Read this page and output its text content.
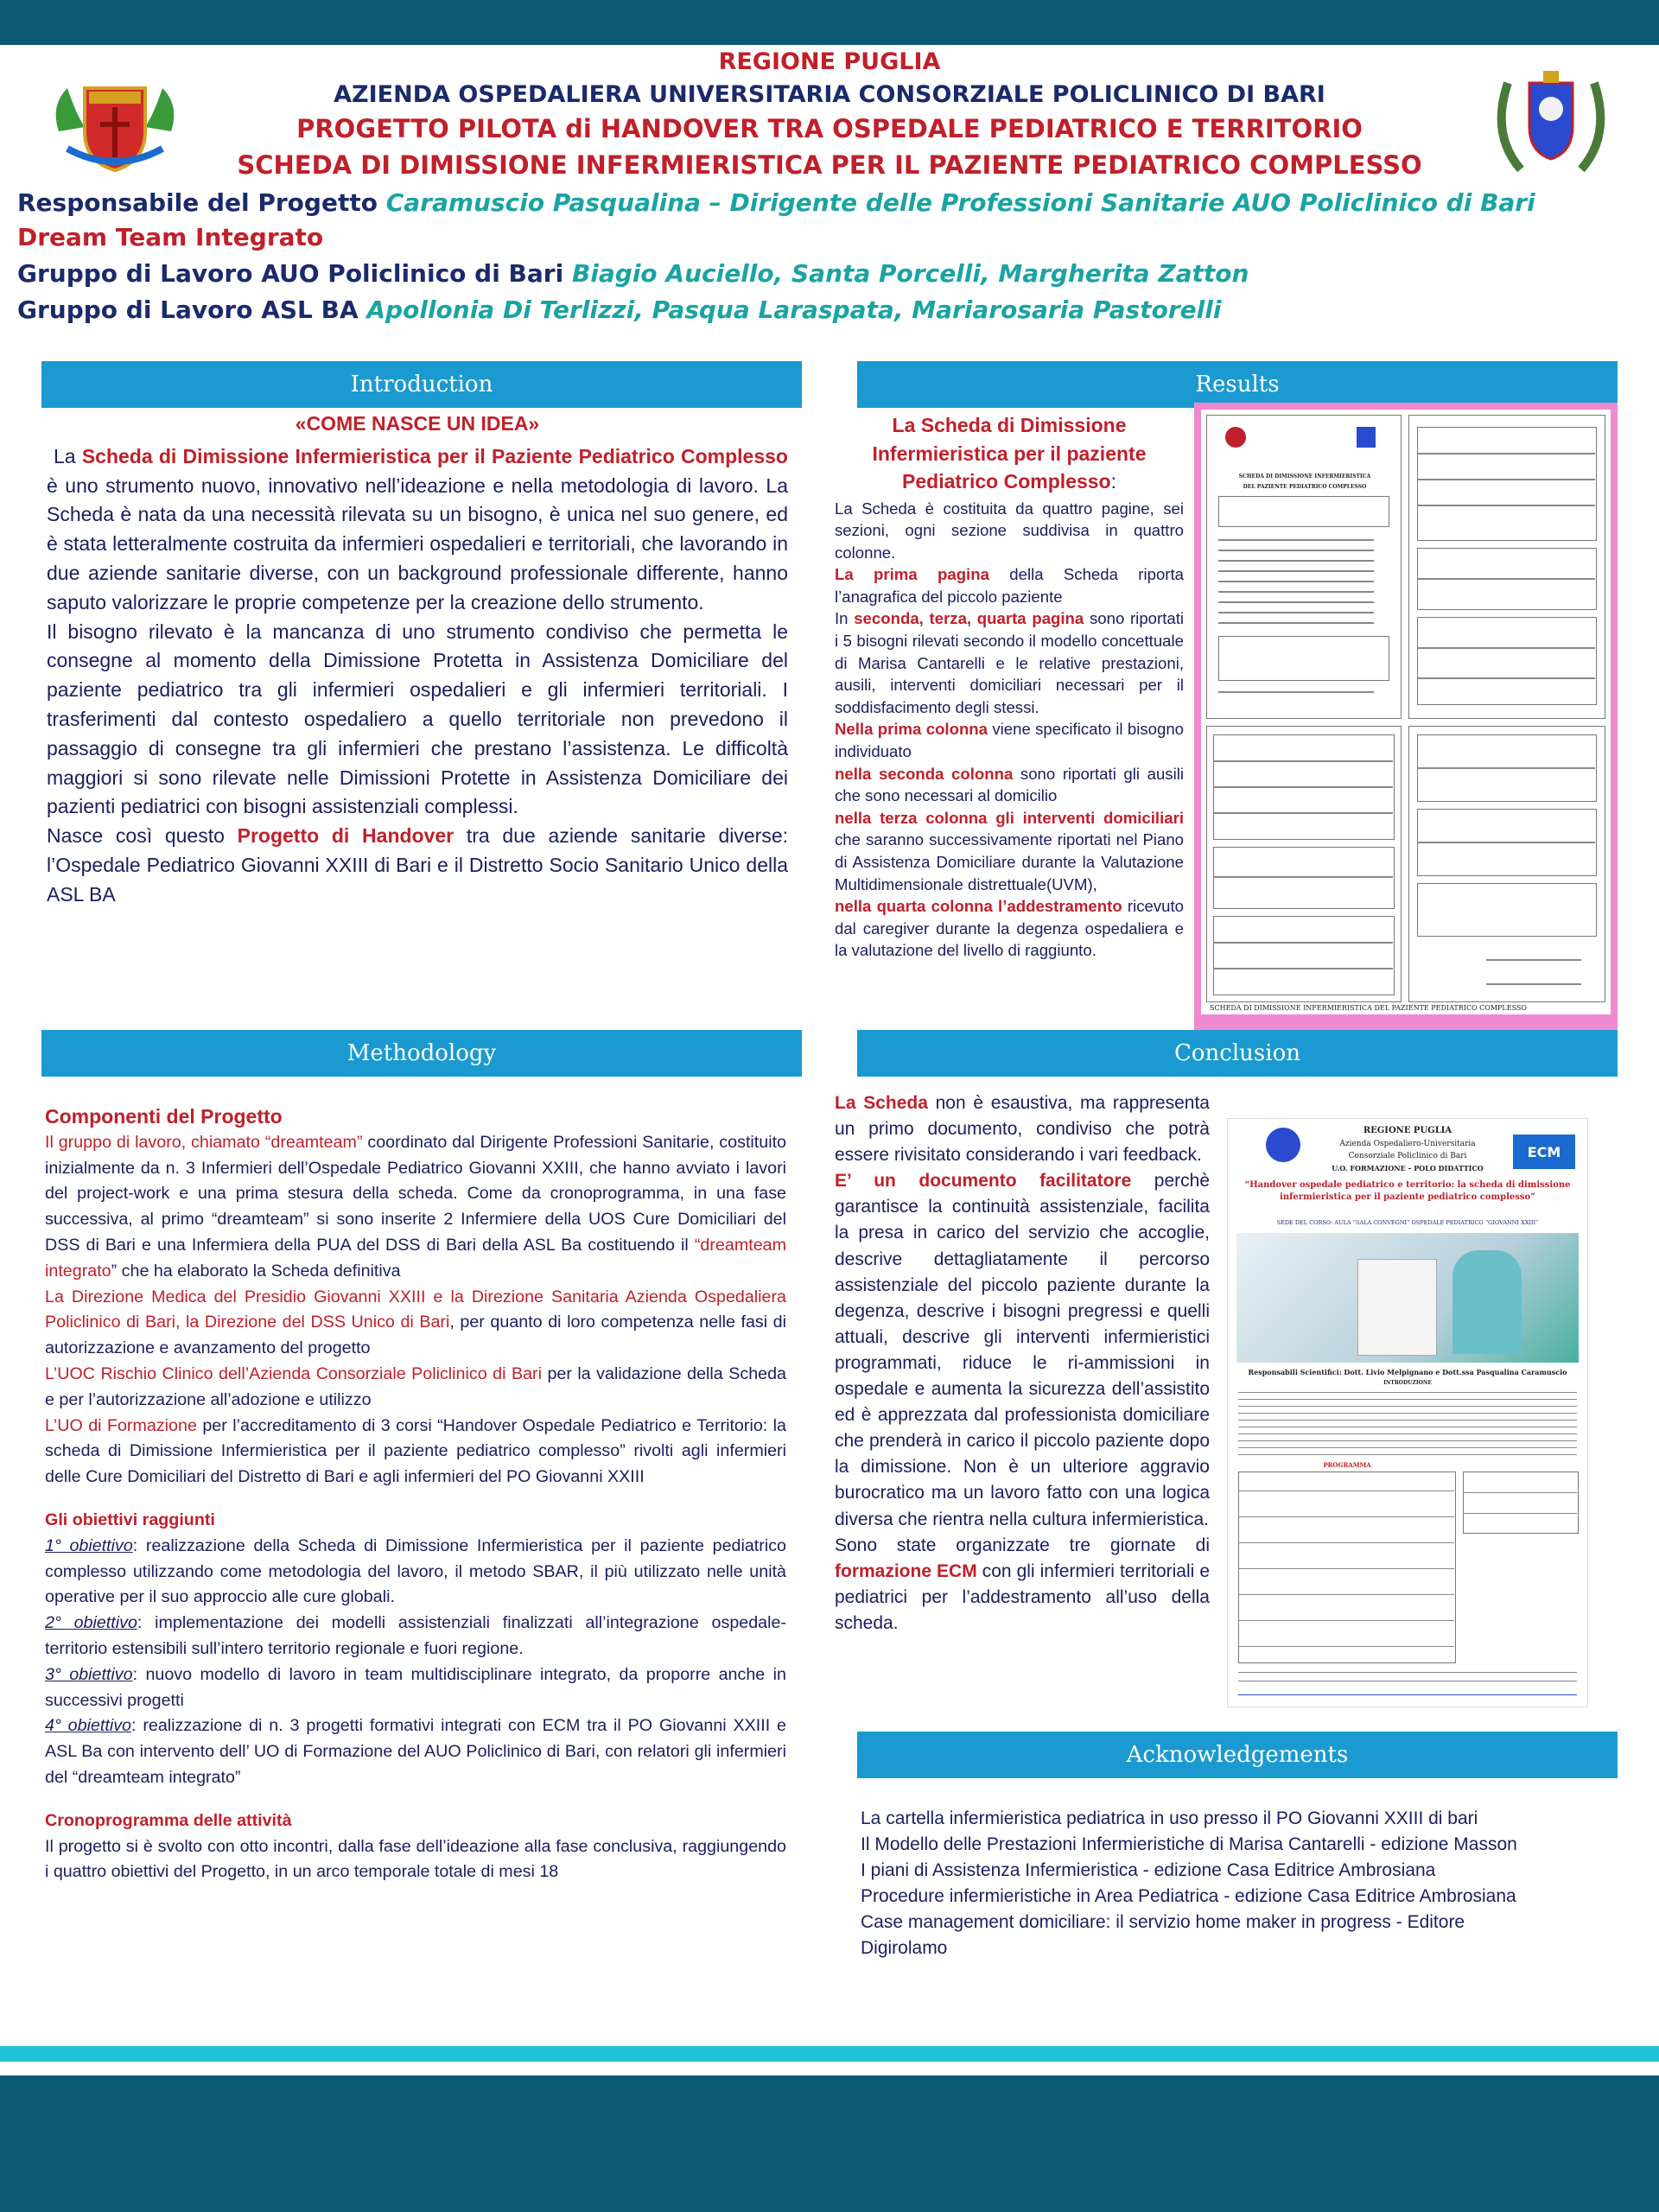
REGIONE PUGLIA
AZIENDA OSPEDALIERA UNIVERSITARIA CONSORZIALE POLICLINICO DI BARI
PROGETTO PILOTA di HANDOVER TRA OSPEDALE PEDIATRICO E TERRITORIO
SCHEDA DI DIMISSIONE INFERMIERISTICA PER IL PAZIENTE PEDIATRICO COMPLESSO
Responsabile del Progetto Caramuscio Pasqualina – Dirigente delle Professioni Sanitarie AUO Policlinico di Bari
Dream Team Integrato
Gruppo di Lavoro AUO Policlinico di Bari Biagio Auciello, Santa Porcelli, Margherita Zatton
Gruppo di Lavoro ASL BA Apollonia Di Terlizzi, Pasqua Laraspata, Mariarosaria Pastorelli
Introduction	Results
Methodology	Conclusion
Acknowledgements

«COME NASCE UN IDEA»

La Scheda di Dimissione Infermieristica per il Paziente Pediatrico Complesso è uno strumento nuovo, innovativo nell’ideazione e nella metodologia di lavoro. La Scheda è nata da una necessità rilevata su un bisogno, è unica nel suo genere, ed è stata letteralmente costruita da infermieri ospedalieri e territoriali, che lavorando in due aziende sanitarie diverse, con un background professionale differente, hanno saputo valorizzare le proprie competenze per la creazione dello strumento.

Il bisogno rilevato è la mancanza di uno strumento condiviso che permetta le consegne al momento della Dimissione Protetta in Assistenza Domiciliare del paziente pediatrico tra gli infermieri ospedalieri e gli infermieri territoriali. I trasferimenti dal contesto ospedaliero a quello territoriale non prevedono il passaggio di consegne tra gli infermieri che prestano l’assistenza. Le difficoltà maggiori si sono rilevate nelle Dimissioni Protette in Assistenza Domiciliare dei pazienti pediatrici con bisogni assistenziali complessi.

Nasce così questo Progetto di Handover tra due aziende sanitarie diverse: l’Ospedale Pediatrico Giovanni XXIII di Bari e il Distretto Socio Sanitario Unico della ASL BA

La Scheda di Dimissione Infermieristica per il paziente Pediatrico Complesso:

La Scheda è costituita da quattro pagine, sei sezioni, ogni sezione suddivisa in quattro colonne.

La prima pagina della Scheda riporta l’anagrafica del piccolo paziente

In seconda, terza, quarta pagina sono riportati i 5 bisogni rilevati secondo il modello concettuale di Marisa Cantarelli e le relative prestazioni, ausili, interventi domiciliari necessari per il soddisfacimento degli stessi.

Nella prima colonna viene specificato il bisogno individuato

nella seconda colonna sono riportati gli ausili che sono necessari al domicilio

nella terza colonna gli interventi domiciliari che saranno successivamente riportati nel Piano di Assistenza Domiciliare durante la Valutazione Multidimensionale distrettuale(UVM),

nella quarta colonna l’addestramento ricevuto dal caregiver durante la degenza ospedaliera e la valutazione del livello di raggiunto.

SCHEDA DI DIMISSIONE INFERMIERISTICA
DEL PAZIENTE PEDIATRICO COMPLESSO
SCHEDA DI DIMISSIONE INFERMIERISTICA DEL PAZIENTE PEDIATRICO COMPLESSO

Componenti del Progetto

Il gruppo di lavoro, chiamato “dreamteam” coordinato dal Dirigente Professioni Sanitarie, costituito inizialmente da n. 3 Infermieri dell’Ospedale Pediatrico Giovanni XXIII, che hanno avviato i lavori del project-work e una prima stesura della scheda. Come da cronoprogramma, in una fase successiva, al primo “dreamteam” si sono inserite 2 Infermiere della UOS Cure Domiciliari del DSS di Bari e una Infermiera della PUA del DSS di Bari della ASL Ba costituendo il “dreamteam integrato” che ha elaborato la Scheda definitiva

La Direzione Medica del Presidio Giovanni XXIII e la Direzione Sanitaria Azienda Ospedaliera Policlinico di Bari, la Direzione del DSS Unico di Bari, per quanto di loro competenza nelle fasi di autorizzazione e avanzamento del progetto

L’UOC Rischio Clinico dell’Azienda Consorziale Policlinico di Bari per la validazione della Scheda e per l’autorizzazione all’adozione e utilizzo

L’UO di Formazione per l’accreditamento di 3 corsi “Handover Ospedale Pediatrico e Territorio: la scheda di Dimissione Infermieristica per il paziente pediatrico complesso” rivolti agli infermieri delle Cure Domiciliari del Distretto di Bari e agli infermieri del PO Giovanni XXIII

Gli obiettivi raggiunti

1° obiettivo: realizzazione della Scheda di Dimissione Infermieristica per il paziente pediatrico complesso utilizzando come metodologia del lavoro, il metodo SBAR, il più utilizzato nelle unità operative per il suo approccio alle cure globali.

2° obiettivo: implementazione dei modelli assistenziali finalizzati all’integrazione ospedale- territorio estensibili sull’intero territorio regionale e fuori regione.

3° obiettivo: nuovo modello di lavoro in team multidisciplinare integrato, da proporre anche in successivi progetti

4° obiettivo: realizzazione di n. 3 progetti formativi integrati con ECM tra il PO Giovanni XXIII e ASL Ba con intervento dell’ UO di Formazione del AUO Policlinico di Bari, con relatori gli infermieri del “dreamteam integrato”

Cronoprogramma delle attività

Il progetto si è svolto con otto incontri, dalla fase dell’ideazione alla fase conclusiva, raggiungendo i quattro obiettivi del Progetto, in un arco temporale totale di mesi 18

La Scheda non è esaustiva, ma rappresenta un primo documento, condiviso che potrà essere rivisitato considerando i vari feedback.

E’ un documento facilitatore perchè garantisce la continuità assistenziale, facilita la presa in carico del servizio che accoglie, descrive dettagliatamente il percorso assistenziale del piccolo paziente durante la degenza, descrive i bisogni pregressi e quelli attuali, descrive gli interventi infermieristici programmati, riduce le ri-ammissioni in ospedale e aumenta la sicurezza dell’assistito ed è apprezzata dal professionista domiciliare che prenderà in carico il piccolo paziente dopo la dimissione. Non è un ulteriore aggravio burocratico ma un lavoro fatto con una logica diversa che rientra nella cultura infermieristica.

Sono state organizzate tre giornate di formazione ECM con gli infermieri territoriali e pediatrici per l’addestramento all’uso della scheda.

REGIONE PUGLIA
Azienda Ospedaliero-Universitaria
Consorziale Policlinico di Bari
U.O. FORMAZIONE – POLO DIDATTICO
ECM
“Handover ospedale pediatrico e territorio: la scheda di dimissione infermieristica per il paziente pediatrico complesso”
SEDE DEL CORSO: AULA “SALA CONVEGNI” OSPEDALE PEDIATRICO “GIOVANNI XXIII”
Responsabili Scientifici: Dott. Livio Melpignano e Dott.ssa Pasqualina Caramuscio
INTRODUZIONE
PROGRAMMA

La cartella infermieristica pediatrica in uso presso il PO Giovanni XXIII di bari

Il Modello delle Prestazioni Infermieristiche di Marisa Cantarelli - edizione Masson

I piani di Assistenza Infermieristica - edizione Casa Editrice Ambrosiana

Procedure infermieristiche in Area Pediatrica - edizione Casa Editrice Ambrosiana

Case management domiciliare: il servizio home maker in progress - Editore

Digirolamo
